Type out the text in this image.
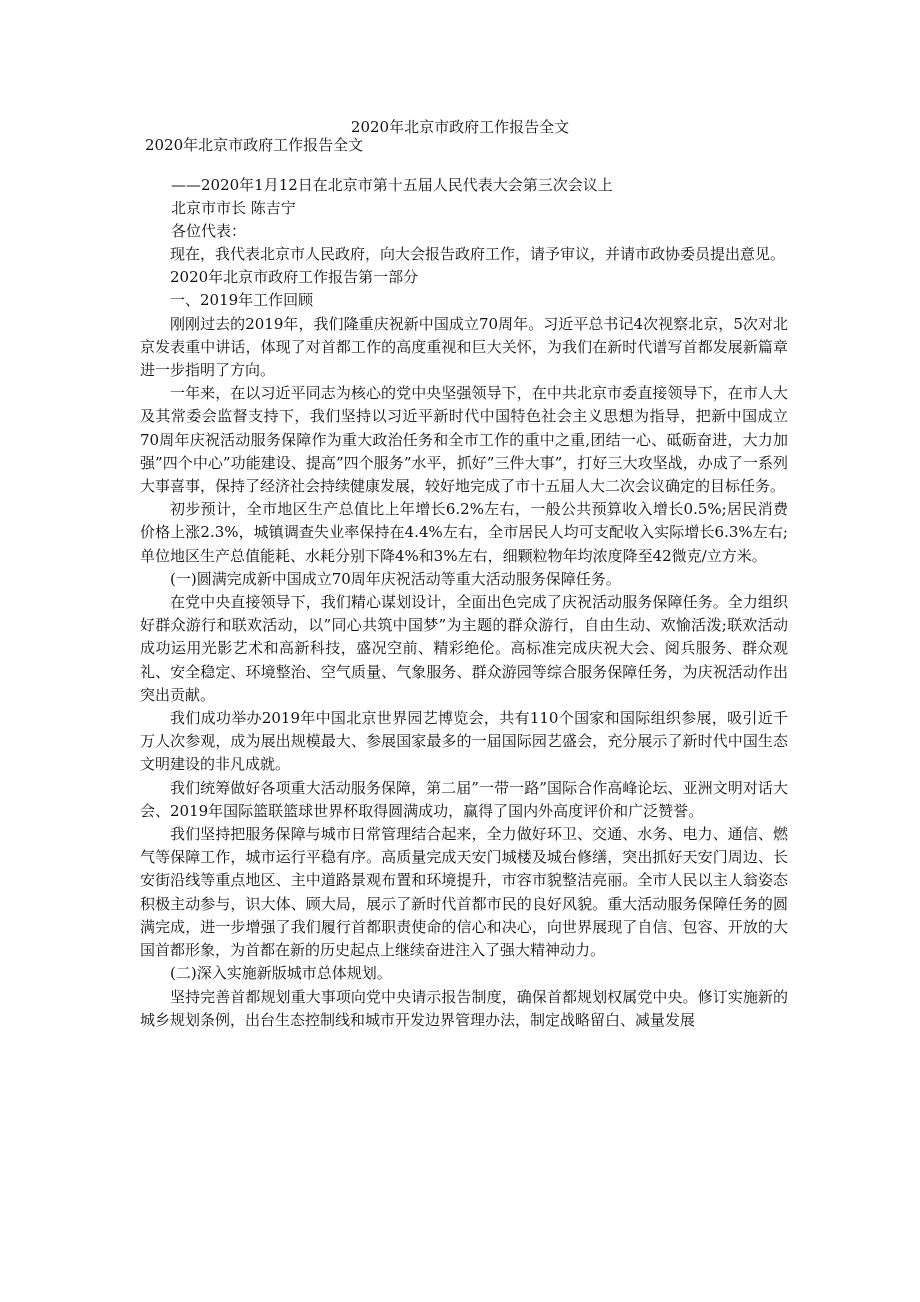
2020年北京市政府工作报告全文
2020年北京市政府工作报告全文
——2020年1月12日在北京市第十五届人民代表大会第三次会议上
北京市市长 陈吉宁
各位代表：

现在，我代表北京市人民政府，向大会报告政府工作，请予审议，并请市政协委员提出意见。

2020年北京市政府工作报告第一部分

一、2019年工作回顾

刚刚过去的2019年，我们隆重庆祝新中国成立70周年。习近平总书记4次视察北京，5次对北京发表重中讲话，体现了对首都工作的高度重视和巨大关怀，为我们在新时代谱写首都发展新篇章进一步指明了方向。

一年来，在以习近平同志为核心的党中央坚强领导下，在中共北京市委直接领导下，在市人大及其常委会监督支持下，我们坚持以习近平新时代中国特色社会主义思想为指导，把新中国成立70周年庆祝活动服务保障作为重大政治任务和全市工作的重中之重,团结一心、砥砺奋进，大力加强”四个中心”功能建设、提高”四个服务”水平，抓好”三件大事”，打好三大攻坚战，办成了一系列大事喜事，保持了经济社会持续健康发展，较好地完成了市十五届人大二次会议确定的目标任务。

初步预计，全市地区生产总值比上年增长6.2%左右，一般公共预算收入增长0.5%;居民消费价格上涨2.3%，城镇调查失业率保持在4.4%左右，全市居民人均可支配收入实际增长6.3%左右;单位地区生产总值能耗、水耗分别下降4%和3%左右，细颗粒物年均浓度降至42微克/立方米。

(一)圆满完成新中国成立70周年庆祝活动等重大活动服务保障任务。

在党中央直接领导下，我们精心谋划设计，全面出色完成了庆祝活动服务保障任务。全力组织好群众游行和联欢活动，以”同心共筑中国梦”为主题的群众游行，自由生动、欢愉活泼;联欢活动成功运用光影艺术和高新科技，盛况空前、精彩绝伦。高标准完成庆祝大会、阅兵服务、群众观礼、安全稳定、环境整治、空气质量、气象服务、群众游园等综合服务保障任务，为庆祝活动作出突出贡献。

我们成功举办2019年中国北京世界园艺博览会，共有110个国家和国际组织参展，吸引近千万人次参观，成为展出规模最大、参展国家最多的一届国际园艺盛会，充分展示了新时代中国生态文明建设的非凡成就。

我们统筹做好各项重大活动服务保障，第二届”一带一路”国际合作高峰论坛、亚洲文明对话大会、2019年国际篮联篮球世界杯取得圆满成功，赢得了国内外高度评价和广泛赞誉。

我们坚持把服务保障与城市日常管理结合起来，全力做好环卫、交通、水务、电力、通信、燃气等保障工作，城市运行平稳有序。高质量完成天安门城楼及城台修缮，突出抓好天安门周边、长安街沿线等重点地区、主中道路景观布置和环境提升，市容市貌整洁亮丽。全市人民以主人翁姿态积极主动参与，识大体、顾大局，展示了新时代首都市民的良好风貌。重大活动服务保障任务的圆满完成，进一步增强了我们履行首都职责使命的信心和决心，向世界展现了自信、包容、开放的大国首都形象，为首都在新的历史起点上继续奋进注入了强大精神动力。

(二)深入实施新版城市总体规划。

坚持完善首都规划重大事项向党中央请示报告制度，确保首都规划权属党中央。修订实施新的城乡规划条例，出台生态控制线和城市开发边界管理办法，制定战略留白、减量发展
